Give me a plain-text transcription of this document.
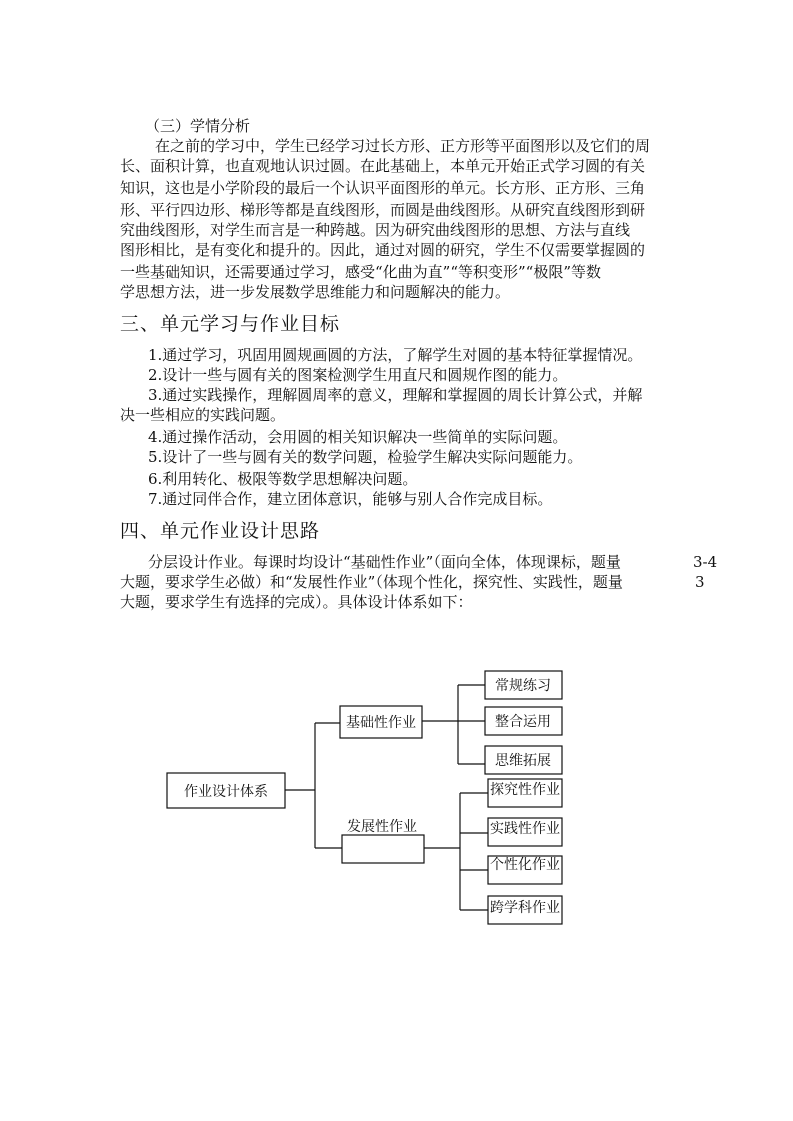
（三）学情分析
在之前的学习中，学生已经学习过长方形、正方形等平面图形以及它们的周
长、面积计算，也直观地认识过圆。在此基础上，本单元开始正式学习圆的有关
知识，这也是小学阶段的最后一个认识平面图形的单元。长方形、正方形、三角
形、平行四边形、梯形等都是直线图形，而圆是曲线图形。从研究直线图形到研
究曲线图形，对学生而言是一种跨越。因为研究曲线图形的思想、方法与直线
图形相比，是有变化和提升的。因此，通过对圆的研究，学生不仅需要掌握圆的
一些基础知识，还需要通过学习，感受“化曲为直”“等积变形”“极限”等数
学思想方法，进一步发展数学思维能力和问题解决的能力。
三、单元学习与作业目标
1.通过学习，巩固用圆规画圆的方法，了解学生对圆的基本特征掌握情况。
2.设计一些与圆有关的图案检测学生用直尺和圆规作图的能力。
3.通过实践操作，理解圆周率的意义，理解和掌握圆的周长计算公式，并解
决一些相应的实践问题。
4.通过操作活动，会用圆的相关知识解决一些简单的实际问题。
5.设计了一些与圆有关的数学问题，检验学生解决实际问题能力。
6.利用转化、极限等数学思想解决问题。
7.通过同伴合作，建立团体意识，能够与别人合作完成目标。
四、单元作业设计思路
分层设计作业。每课时均设计“基础性作业”（面向全体，体现课标，题量	3-4
大题，要求学生必做）和“发展性作业”（体现个性化，探究性、实践性，题量	3
大题，要求学生有选择的完成）。具体设计体系如下：
作业设计体系
基础性作业
发展性作业
常规练习
整合运用
思维拓展
探究性作业
实践性作业
个性化作业
跨学科作业
